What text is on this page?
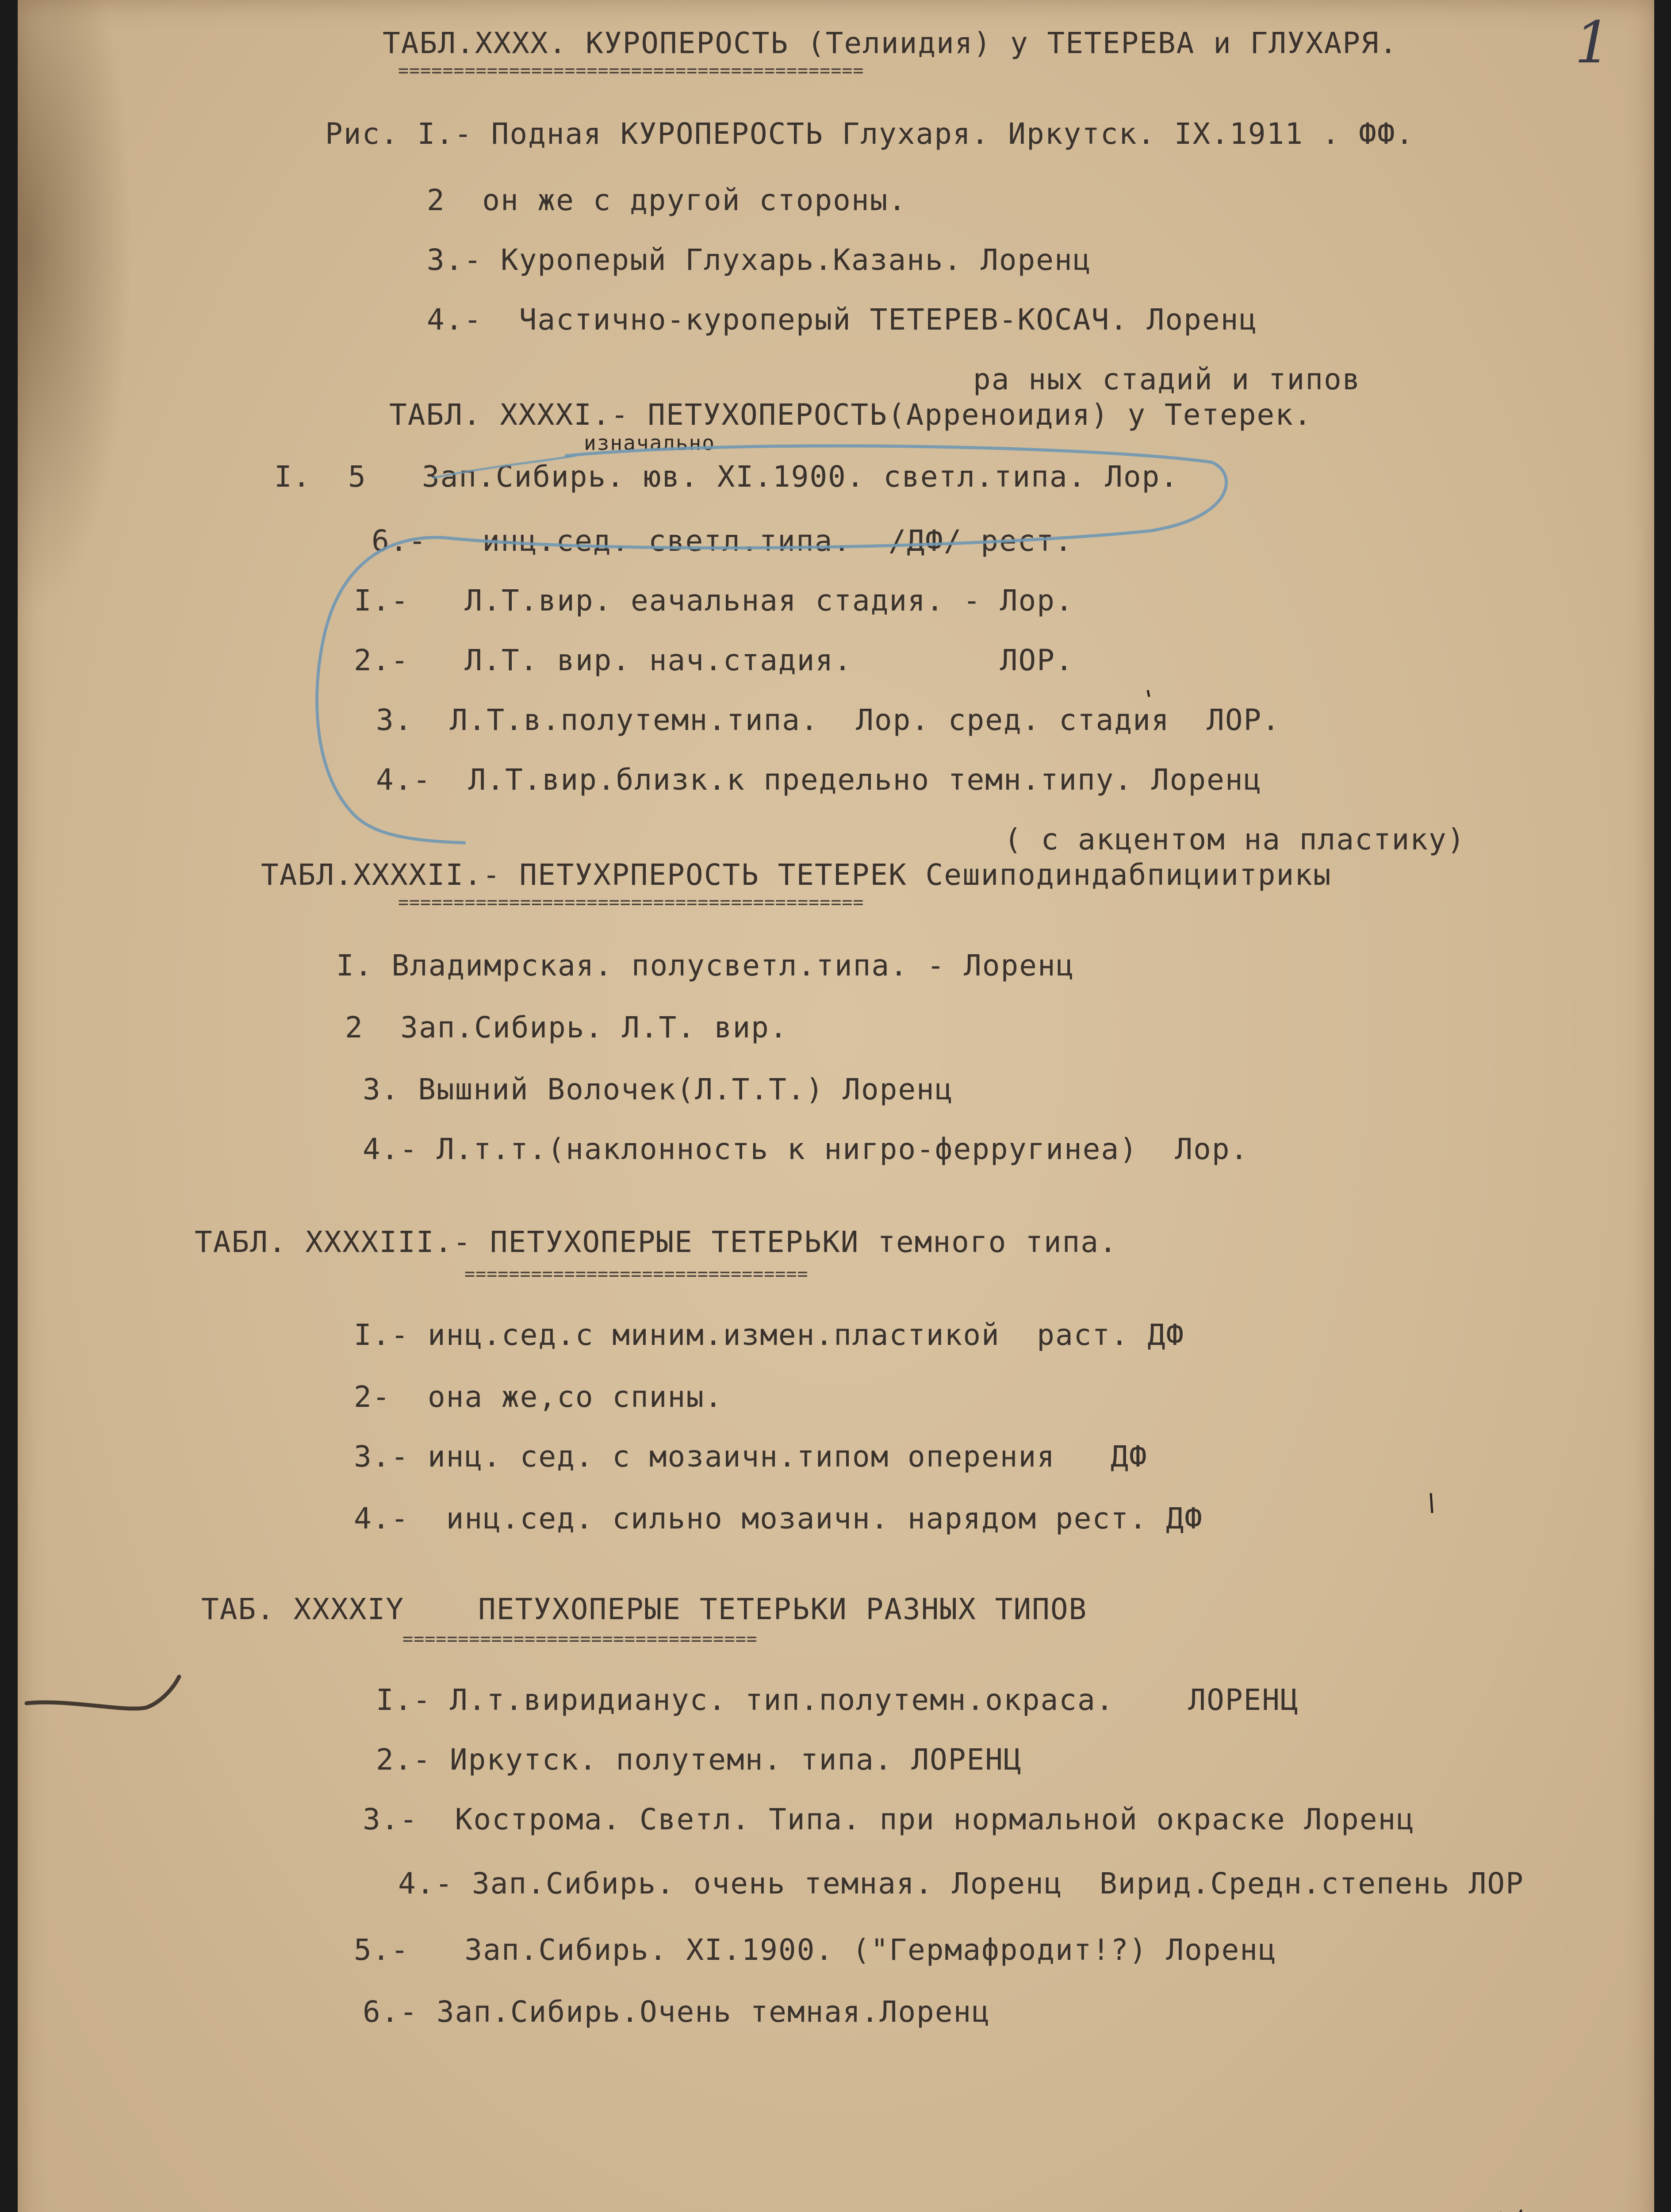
1
ТАБЛ.XXXX. КУРОПЕРОСТЬ (Телиидия) у ТЕТЕРЕВА и ГЛУХАРЯ.
==========================================
Рис. I.- Подная КУРОПЕРОСТЬ Глухаря. Иркутск. IX.1911 . ФФ.
2  он же с другой стороны.
3.- Куроперый Глухарь.Казань. Лоренц
4.-  Частично-куроперый ТЕТЕРЕВ-КОСАЧ. Лоренц
ра ных стадий и типов
ТАБЛ. XXXXI.- ПЕТУХОПЕРОСТЬ(Арреноидия) у Тетерек.
изначально
I.  5   Зап.Сибирь. юв. XI.1900. светл.типа. Лор.
6.-   инц.сед. светл.типа.  /ДФ/ рест.
I.-   Л.Т.вир. еачальная стадия. - Лор.
2.-   Л.Т. вир. нач.стадия.        ЛОР.
3.  Л.Т.в.полутемн.типа.  Лор. сред. стадия  ЛОР.
4.-  Л.Т.вир.близк.к предельно темн.типу. Лоренц
( с акцентом на пластику)
ТАБЛ.XXXXII.- ПЕТУХРПЕРОСТЬ ТЕТЕРЕК Сешиподиндабпициитрикы
==========================================
I. Владимрская. полусветл.типа. - Лоренц
2  Зап.Сибирь. Л.Т. вир.
3. Вышний Волочек(Л.Т.Т.) Лоренц
4.- Л.т.т.(наклонность к нигро-ферругинеа)  Лор.
ТАБЛ. XXXXIII.- ПЕТУХОПЕРЫЕ ТЕТЕРЬКИ темного типа.
===============================
I.- инц.сед.с миним.измен.пластикой  раст. ДФ
2-  она же,со спины.
3.- инц. сед. с мозаичн.типом оперения   ДФ
4.-  инц.сед. сильно мозаичн. нарядом рест. ДФ
ТАБ. XXXXIY    ПЕТУХОПЕРЫЕ ТЕТЕРЬКИ РАЗНЫХ ТИПОВ
================================
I.- Л.т.виридианус. тип.полутемн.окраса.    ЛОРЕНЦ
2.- Иркутск. полутемн. типа. ЛОРЕНЦ
3.-  Кострома. Светл. Типа. при нормальной окраске Лоренц
4.- Зап.Сибирь. очень темная. Лоренц  Вирид.Средн.степень ЛОР
5.-   Зап.Сибирь. XI.1900. ("Гермафродит!?) Лоренц
6.- Зап.Сибирь.Очень темная.Лоренц
